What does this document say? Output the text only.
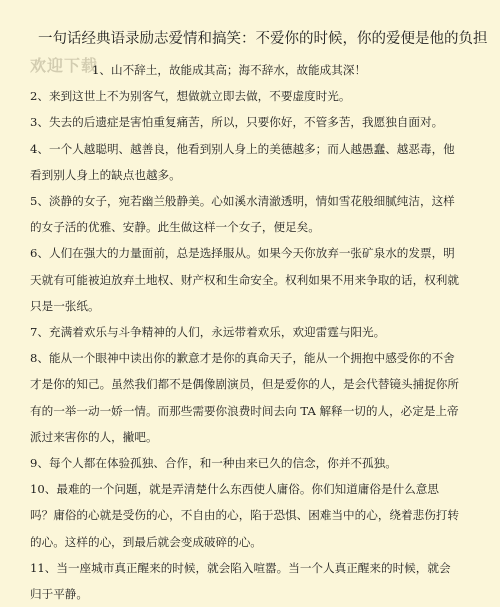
一句话经典语录励志爱情和搞笑：不爱你的时候，你的爱便是他的负担
欢迎下载

1、山不辞土，故能成其高；海不辞水，故能成其深！

2、来到这世上不为别客气，想做就立即去做，不要虚度时光。

3、失去的后遗症是害怕重复痛苦，所以，只要你好，不管多苦，我愿独自面对。

4、一个人越聪明、越善良，他看到别人身上的美德越多；而人越愚蠢、越恶毒，他看到别人身上的缺点也越多。

5、淡静的女子，宛若幽兰般静美。心如溪水清澈透明，情如雪花般细腻纯洁，这样的女子活的优雅、安静。此生做这样一个女子，便足矣。

6、人们在强大的力量面前，总是选择服从。如果今天你放弃一张矿泉水的发票，明天就有可能被迫放弃土地权、财产权和生命安全。权利如果不用来争取的话，权利就只是一张纸。

7、充满着欢乐与斗争精神的人们，永远带着欢乐，欢迎雷霆与阳光。

8、能从一个眼神中读出你的歉意才是你的真命天子，能从一个拥抱中感受你的不舍才是你的知己。虽然我们都不是偶像剧演员，但是爱你的人，是会代替镜头捕捉你所有的一举一动一娇一情。而那些需要你浪费时间去向 TA 解释一切的人，必定是上帝派过来害你的人，撇吧。

9、每个人都在体验孤独、合作，和一种由来已久的信念，你并不孤独。

10、最难的一个问题，就是弄清楚什么东西使人庸俗。你们知道庸俗是什么意思吗？庸俗的心就是受伤的心，不自由的心，陷于恐惧、困难当中的心，绕着悲伤打转的心。这样的心，到最后就会变成破碎的心。

11、当一座城市真正醒来的时候，就会陷入喧嚣。当一个人真正醒来的时候，就会归于平静。
